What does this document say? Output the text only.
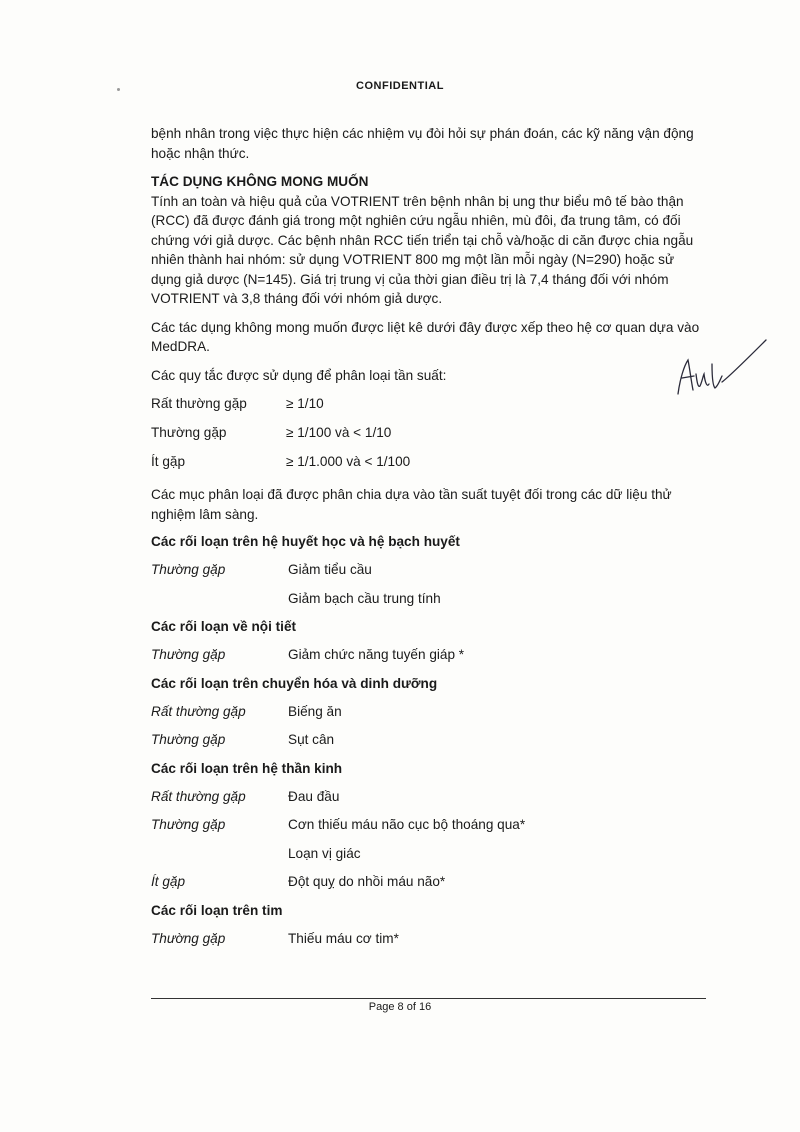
CONFIDENTIAL

bệnh nhân trong việc thực hiện các nhiệm vụ đòi hỏi sự phán đoán, các kỹ năng vận động hoặc nhận thức.

TÁC DỤNG KHÔNG MONG MUỐN

Tính an toàn và hiệu quả của VOTRIENT trên bệnh nhân bị ung thư biểu mô tế bào thận (RCC) đã được đánh giá trong một nghiên cứu ngẫu nhiên, mù đôi, đa trung tâm, có đối chứng với giả dược. Các bệnh nhân RCC tiến triển tại chỗ và/hoặc di căn được chia ngẫu nhiên thành hai nhóm: sử dụng VOTRIENT 800 mg một lần mỗi ngày (N=290) hoặc sử dụng giả dược (N=145). Giá trị trung vị của thời gian điều trị là 7,4 tháng đối với nhóm VOTRIENT và 3,8 tháng đối với nhóm giả dược.

Các tác dụng không mong muốn được liệt kê dưới đây được xếp theo hệ cơ quan dựa vào MedDRA.

Các quy tắc được sử dụng để phân loại tần suất:

Rất thường gặp	≥ 1/10
Thường gặp	≥ 1/100 và < 1/10
Ít gặp	≥ 1/1.000 và < 1/100

Các mục phân loại đã được phân chia dựa vào tần suất tuyệt đối trong các dữ liệu thử nghiệm lâm sàng.

Các rối loạn trên hệ huyết học và hệ bạch huyết
Thường gặp	Giảm tiểu cầu
Giảm bạch cầu trung tính
Các rối loạn về nội tiết
Thường gặp	Giảm chức năng tuyến giáp *
Các rối loạn trên chuyển hóa và dinh dưỡng
Rất thường gặp	Biếng ăn
Thường gặp	Sụt cân
Các rối loạn trên hệ thần kinh
Rất thường gặp	Đau đầu
Thường gặp	Cơn thiếu máu não cục bộ thoáng qua*
Loạn vị giác
Ít gặp	Đột quỵ do nhồi máu não*
Các rối loạn trên tim
Thường gặp	Thiếu máu cơ tim*
Page 8 of 16
